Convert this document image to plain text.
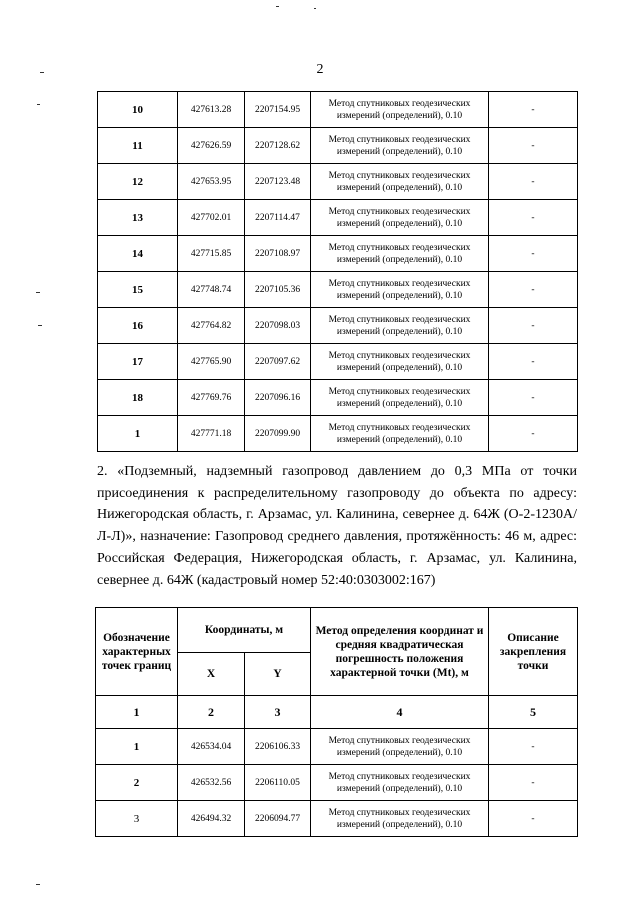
2
10	427613.28	2207154.95	Метод спутниковых геодезических измерений (определений), 0.10	-
11	427626.59	2207128.62	Метод спутниковых геодезических измерений (определений), 0.10	-
12	427653.95	2207123.48	Метод спутниковых геодезических измерений (определений), 0.10	-
13	427702.01	2207114.47	Метод спутниковых геодезических измерений (определений), 0.10	-
14	427715.85	2207108.97	Метод спутниковых геодезических измерений (определений), 0.10	-
15	427748.74	2207105.36	Метод спутниковых геодезических измерений (определений), 0.10	-
16	427764.82	2207098.03	Метод спутниковых геодезических измерений (определений), 0.10	-
17	427765.90	2207097.62	Метод спутниковых геодезических измерений (определений), 0.10	-
18	427769.76	2207096.16	Метод спутниковых геодезических измерений (определений), 0.10	-
1	427771.18	2207099.90	Метод спутниковых геодезических измерений (определений), 0.10	-

2. «Подземный, надземный газопровод давлением до 0,3 МПа от точки присоединения к распределительному газопроводу до объекта по адресу: Нижегородская область, г. Арзамас, ул. Калинина, севернее д. 64Ж (О-2-1230А/Л-Л)», назначение: Газопровод среднего давления, протяжённость: 46 м, адрес: Российская Федерация, Нижегородская область, г. Арзамас, ул. Калинина, севернее д. 64Ж (кадастровый номер 52:40:0303002:167)

Обозначение характерных точек границ	Координаты, м		Метод определения координат и средняя квадратическая погрешность положения характерной точки (Mt), м	Описание закрепления точки
	X	Y		
1	2	3	4	5
1	426534.04	2206106.33	Метод спутниковых геодезических измерений (определений), 0.10	-
2	426532.56	2206110.05	Метод спутниковых геодезических измерений (определений), 0.10	-
3	426494.32	2206094.77	Метод спутниковых геодезических измерений (определений), 0.10	-
